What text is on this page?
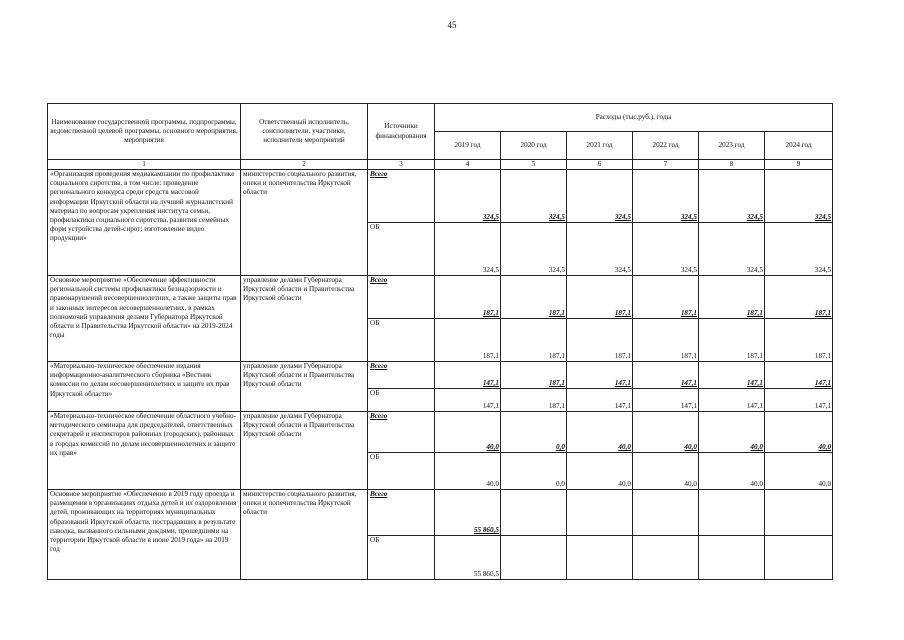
45
Наименование государственной программы, подпрограммы, ведомственной целевой программы, основного мероприятия, мероприятия	Ответственный исполнитель, соисполнители, участники, исполнители мероприятий	Источники финансирования	Расходы (тыс.руб.), годы					
			2019 год	2020 год	2021 год	2022 год	2023 год	2024 год
1	2	3	4	5	6	7	8	9
«Организация проведения медиакампании по профилактике социального сиротства, в том числе: проведение регионального конкурса среди средств массовой информации Иркутской области на лучший журналистский материал по вопросам укрепления института семьи, профилактики социального сиротства, развития семейных форм устройства детей-сирот; изготовление видео продукции»	министерство социального развития, опеки и попечительства Иркутской области	Всего	324,5	324,5	324,5	324,5	324,5	324,5
		ОБ	324,5	324,5	324,5	324,5	324,5	324,5
Основное мероприятие «Обеспечение эффективности региональной системы профилактики безнадзорности и правонарушений несовершеннолетних, а также защиты прав и законных интересов несовершеннолетних, в рамках полномочий управления делами Губернатора Иркутской области и Правительства Иркутской области» на 2019-2024 годы	управление делами Губернатора Иркутской области и Правительства Иркутской области	Всего	187,1	187,1	187,1	187,1	187,1	187,1
		ОБ	187,1	187,1	187,1	187,1	187,1	187,1
«Материально-техническое обеспечение издания информационно-аналитического сборника «Вестник комиссии по делам несовершеннолетних и защите их прав Иркутской области»	управление делами Губернатора Иркутской области и Правительства Иркутской области	Всего	147,1	187,1	147,1	147,1	147,1	147,1
		ОБ	147,1	187,1	147,1	147,1	147,1	147,1
«Материально-техническое обеспечение областного учебно-методического семинара для председателей, ответственных секретарей и инспекторов районных (городских), районных в городах комиссий по делам несовершеннолетних и защите их прав»	управление делами Губернатора Иркутской области и Правительства Иркутской области	Всего	40,0	0,0	40,0	40,0	40,0	40,0
		ОБ	40,0	0,0	40,0	40,0	40,0	40,0
Основное мероприятие «Обеспечение в 2019 году проезда и размещения в организациях отдыха детей и их оздоровления детей, проживающих на территориях муниципальных образований Иркутской области, пострадавших в результате паводка, вызванного сильными дождями, прошедшими на территории Иркутской области в июне 2019 года» на 2019 год	министерство социального развития, опеки и попечительства Иркутской области	Всего	55 860,5					
		ОБ	55 860,5					
